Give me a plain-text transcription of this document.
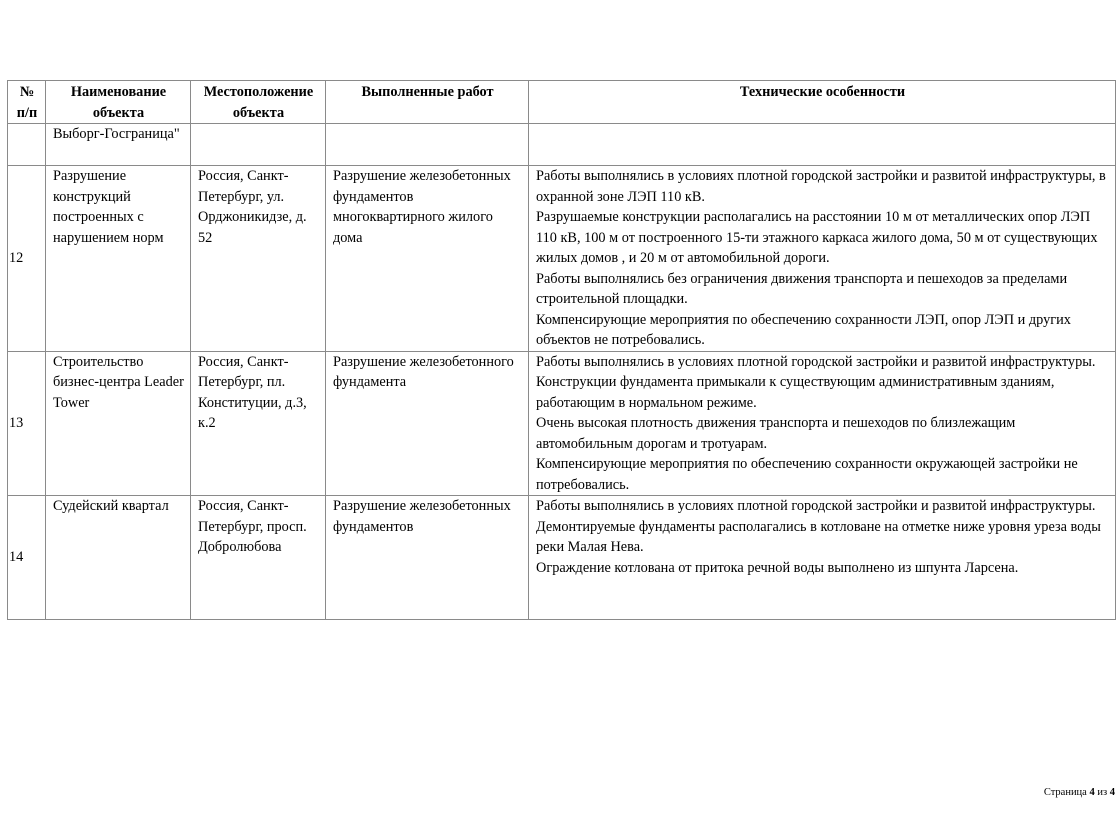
№ п/п	Наименование объекта	Местоположение объекта	Выполненные работ	Технические особенности
	Выборг-Госграница"			
12	Разрушение конструкций построенных с нарушением норм	Россия, Санкт-Петербург, ул. Орджоникидзе, д. 52	Разрушение железобетонных фундаментов многоквартирного жилого дома	Работы выполнялись в условиях плотной городской застройки и развитой инфраструктуры, в охранной зоне ЛЭП 110 кВ.
Разрушаемые конструкции располагались на расстоянии 10 м от металлических опор ЛЭП 110 кВ, 100 м от построенного 15-ти этажного каркаса жилого дома, 50 м от существующих жилых домов , и 20 м от автомобильной дороги.
Работы выполнялись без ограничения движения транспорта и пешеходов за пределами строительной площадки.
Компенсирующие мероприятия по обеспечению сохранности ЛЭП, опор ЛЭП и других объектов не потребовались.

13	Строительство бизнес-центра Leader Tower	Россия, Санкт-Петербург, пл. Конституции, д.3, к.2	Разрушение железобетонного фундамента	Работы выполнялись в условиях плотной городской застройки и развитой инфраструктуры. Конструкции фундамента примыкали к существующим административным зданиям, работающим в нормальном режиме.
Очень высокая плотность движения транспорта и пешеходов по близлежащим автомобильным дорогам и тротуарам.
Компенсирующие мероприятия по обеспечению сохранности окружающей застройки не потребовались.

14	Судейский квартал	Россия, Санкт-Петербург, просп. Добролюбова	Разрушение железобетонных фундаментов	Работы выполнялись в условиях плотной городской застройки и развитой инфраструктуры.
Демонтируемые фундаменты располагались в котловане на отметке ниже уровня уреза воды реки Малая Нева.
Ограждение котлована от притока речной воды выполнено из шпунта Ларсена.
Страница 4 из 4
